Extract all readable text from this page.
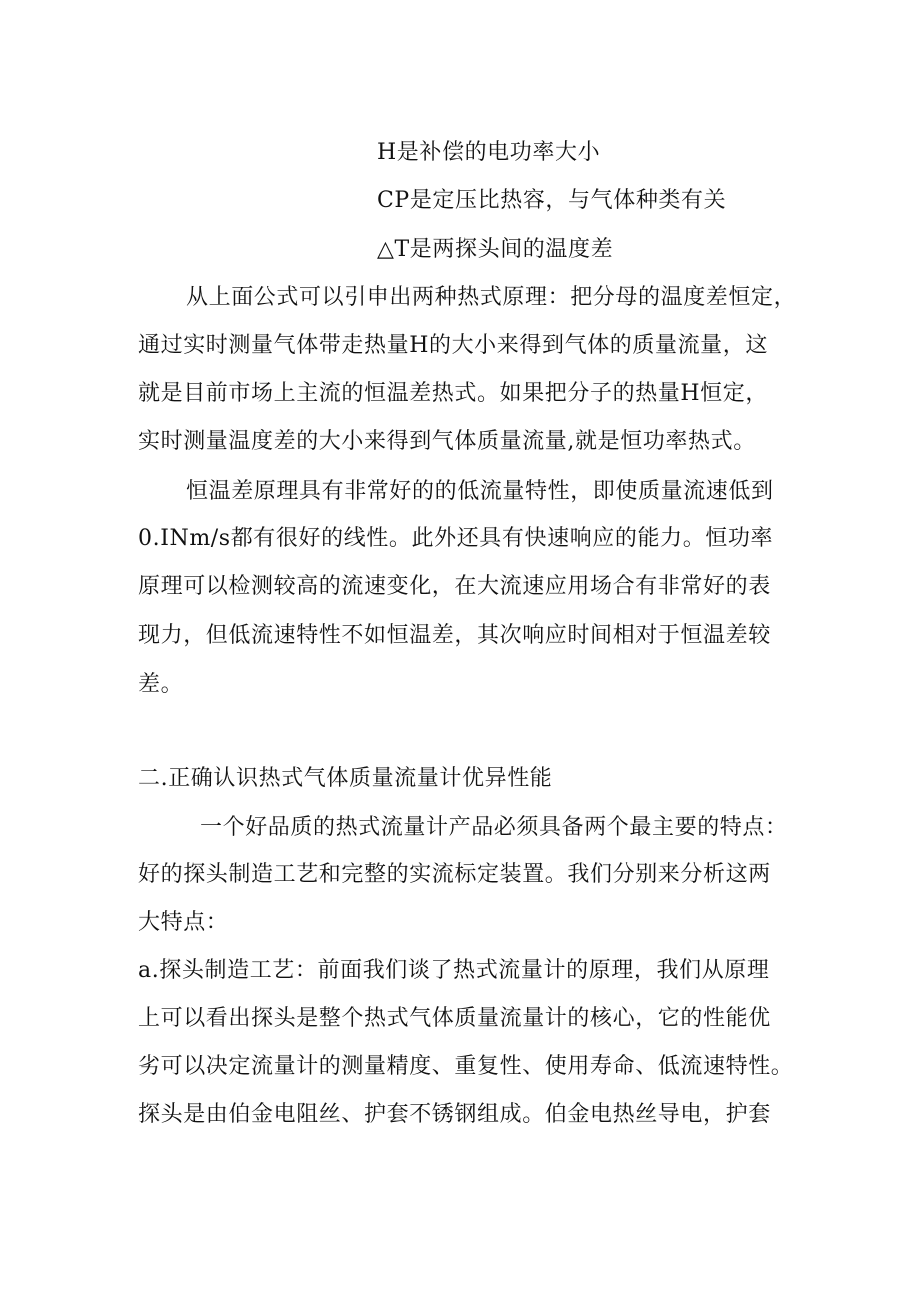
H是补偿的电功率大小
CP是定压比热容，与气体种类有关
△T是两探头间的温度差
从上面公式可以引申出两种热式原理：把分母的温度差恒定，
通过实时测量气体带走热量H的大小来得到气体的质量流量，这
就是目前市场上主流的恒温差热式。如果把分子的热量H恒定，
实时测量温度差的大小来得到气体质量流量,就是恒功率热式。
恒温差原理具有非常好的的低流量特性，即使质量流速低到
0.INm/s都有很好的线性。此外还具有快速响应的能力。恒功率
原理可以检测较高的流速变化，在大流速应用场合有非常好的表
现力，但低流速特性不如恒温差，其次响应时间相对于恒温差较
差。
二.正确认识热式气体质量流量计优异性能
一个好品质的热式流量计产品必须具备两个最主要的特点：
好的探头制造工艺和完整的实流标定装置。我们分别来分析这两
大特点：
a.探头制造工艺：前面我们谈了热式流量计的原理，我们从原理
上可以看出探头是整个热式气体质量流量计的核心，它的性能优
劣可以决定流量计的测量精度、重复性、使用寿命、低流速特性。
探头是由伯金电阻丝、护套不锈钢组成。伯金电热丝导电，护套
